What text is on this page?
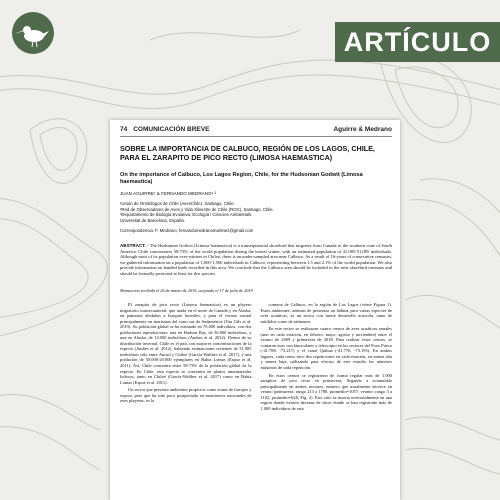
ARTÍCULO
74 COMUNICACIÓN BREVE	Aguirre & Medrano
SOBRE LA IMPORTANCIA DE CALBUCO, REGIÓN DE LOS LAGOS, CHILE, PARA EL ZARAPITO DE PICO RECTO (LIMOSA HAEMASTICA)
On the importance of Calbuco, Los Lagos Region, Chile, for the Hudsonian Godwit (Limosa haemastica)
JUAN AGUIRRE¹ & FERNANDO MEDRANO¹·²
¹Unión de Ornitólogos de Chile (AvesChile). Santiago, Chile.
²Red de Observadores de Aves y Vida Silvestre de Chile (ROC). Santiago, Chile.
³Departamento de Biología Evolutiva, Ecología i Ciències Ambientals,
Universitat de Barcelona, España.
Correspondencia: F. Medrano, fernandomedranomartinez@gmail.com
ABSTRACT. - The Hudsonian Godwit (Limosa haemastica) is a transequatorial shorebird that migrates from Canada to the southern cone of South America. Chile concentrates 58-73% of the world population during the boreal winter, with an estimated population of 41,085-51,085 individuals. Although most of its population over-winters in Chiloé, there is an under-sampled area near Calbuco. As a result of 16-years of consecutive censuses, we gathered information on a population of 1,000-1,500 individuals in Calbuco, representing between 1.5 and 2.1% of the world population. We also provide information on banded birds recorded in this area. We conclude that the Calbuco area should be included in the next shorebird censuses and should be formally protected at least for this species.
Manuscrito recibido el 26 de marzo de 2019, aceptado el 17 de julio de 2019

El zarapito de pico recto (Limosa haemastica) es un playero migratorio transecuatorial, que anida en el norte de Canadá y en Alaska, en pantanos aledaños a bosques boreales, y pasa el verano austral principalmente en marismas del cono sur de Sudamérica (Van Gils et al. 2019). Su población global se ha estimado en 70.000 individuos, con dos poblaciones reproductoras: una en Hudson Bay, de 56.000 individuos, y una en Alaska, de 14.000 individuos (Andres et al. 2012). Dentro de su distribución invernal, Chile es el país con mayores concentraciones de la especie (Andres et al. 2012), habiendo estimaciones recientes de 31.085 individuos sólo entre Ancud y Chiloé (García-Walther et al. 2017), y una población de 50.000-20.000 ejemplares en Bahía Lomas (Espoz et al. 2011). Así, Chile concentra entre 58-73% de la población global de la especie. En Chile, esta especie se concentra en planos intermareales lodosos, tanto en Chiloé (García-Walther et al. 2017) como en Bahía Lomas (Espoz et al. 2011).

Un sector que presenta ambientes propicios como zonas de forrajeo y reposo, pero que ha sido poco prospectado en monitoreos nacionales de aves playeras, es la

comuna de Calbuco, en la región de Los Lagos (véase Figura 1). Estos ambientes, además de presentar un hábitat para varias especies de aves acuáticas, es un sector con fuerte desarrollo acuícola, tanto de mitílidos como de salmones.

En este sector se realizaron cuatro censos de aves acuáticas anuales (uno en cada estación, en febrero, mayo, agosto y noviembre) entre el verano de 2009 y primavera de 2018. Para realizar estos censos, se contaron aves con binoculares y telescopio en los sectores del Pozo Pueco (-41.788, -73.217) y el canal Quihua (-41.776, -73.195). En ambos lugares, cada censo tuvo dos repeticiones en cada estación, en marea alta y marea baja, utilizando para efectos de este estudio los números máximos de cada repetición.

En estos censos se registraron de forma regular más de 1.000 zarapitos de pico recto en primavera, llegando a acumulado principalmente en ambos sectores, número que usualmente decrece en verano (primavera: rango 213 a 1780, promedio=1057; verano: rango 3 a 1102, promedio=628; Fig. 2). Este sitio se inserta territorialmente en una región donde existen decenas de sitios donde se han registrado más de 1.000 individuos de esta
